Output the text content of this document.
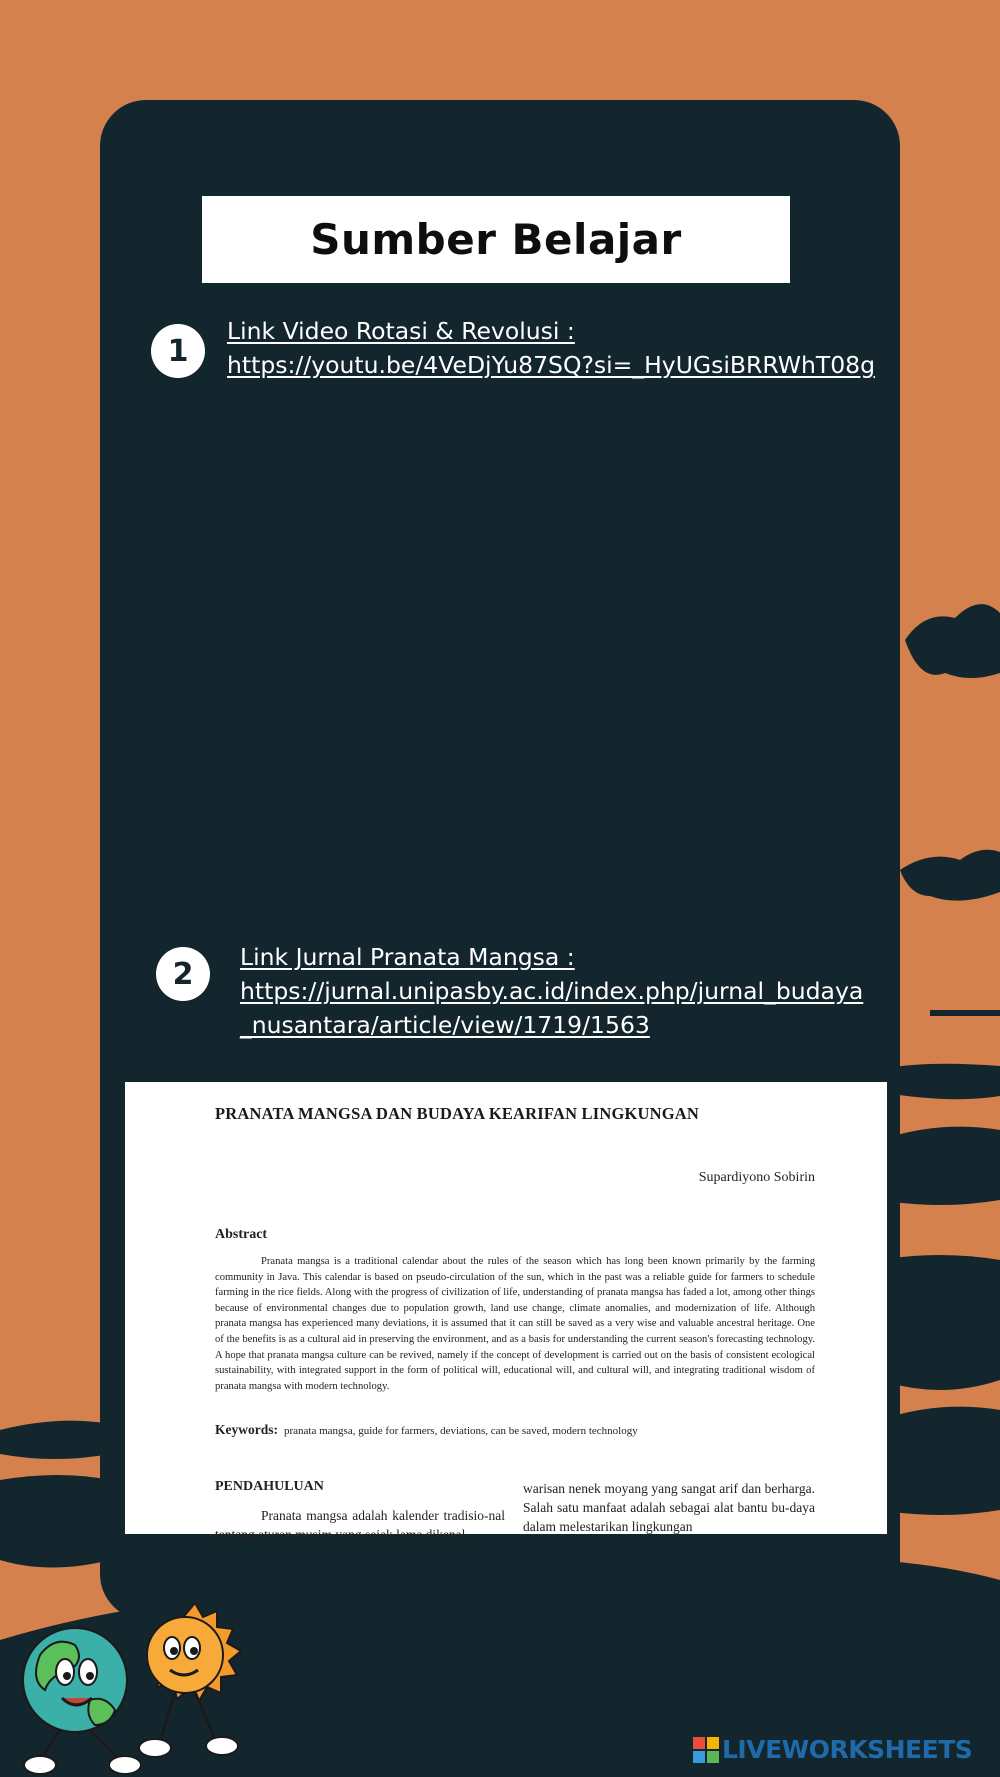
Sumber Belajar
1
Link Video Rotasi & Revolusi :
https://youtu.be/4VeDjYu87SQ?si=_HyUGsiBRRWhT08g
2 Link Jurnal Pranata Mangsa :
https://jurnal.unipasby.ac.id/index.php/jurnal_budaya
_nusantara/article/view/1719/1563
PRANATA MANGSA DAN BUDAYA KEARIFAN LINGKUNGAN
Supardiyono Sobirin
Abstract
Pranata mangsa is a traditional calendar about the rules of the season which has long been known primarily by the farming community in Java. This calendar is based on pseudo-circulation of the sun, which in the past was a reliable guide for farmers to schedule farming in the rice fields. Along with the progress of civilization of life, understanding of pranata mangsa has faded a lot, among other things because of environmental changes due to population growth, land use change, climate anomalies, and modernization of life. Although pranata mangsa has experienced many deviations, it is assumed that it can still be saved as a very wise and valuable ancestral heritage. One of the benefits is as a cultural aid in preserving the environment, and as a basis for understanding the current season's forecasting technology. A hope that pranata mangsa culture can be revived, namely if the concept of development is carried out on the basis of consistent ecological sustainability, with integrated support in the form of political will, educational will, and cultural will, and integrating traditional wisdom of pranata mangsa with modern technology.
Keywords: pranata mangsa, guide for farmers, deviations, can be saved, modern technology
PENDAHULUAN
Pranata mangsa adalah kalender tradisio-nal tentang aturan musim yang sejak lama dikenal
warisan nenek moyang yang sangat arif dan berharga. Salah satu manfaat adalah sebagai alat bantu bu-daya dalam melestarikan lingkungan
LIVEWORKSHEETS
